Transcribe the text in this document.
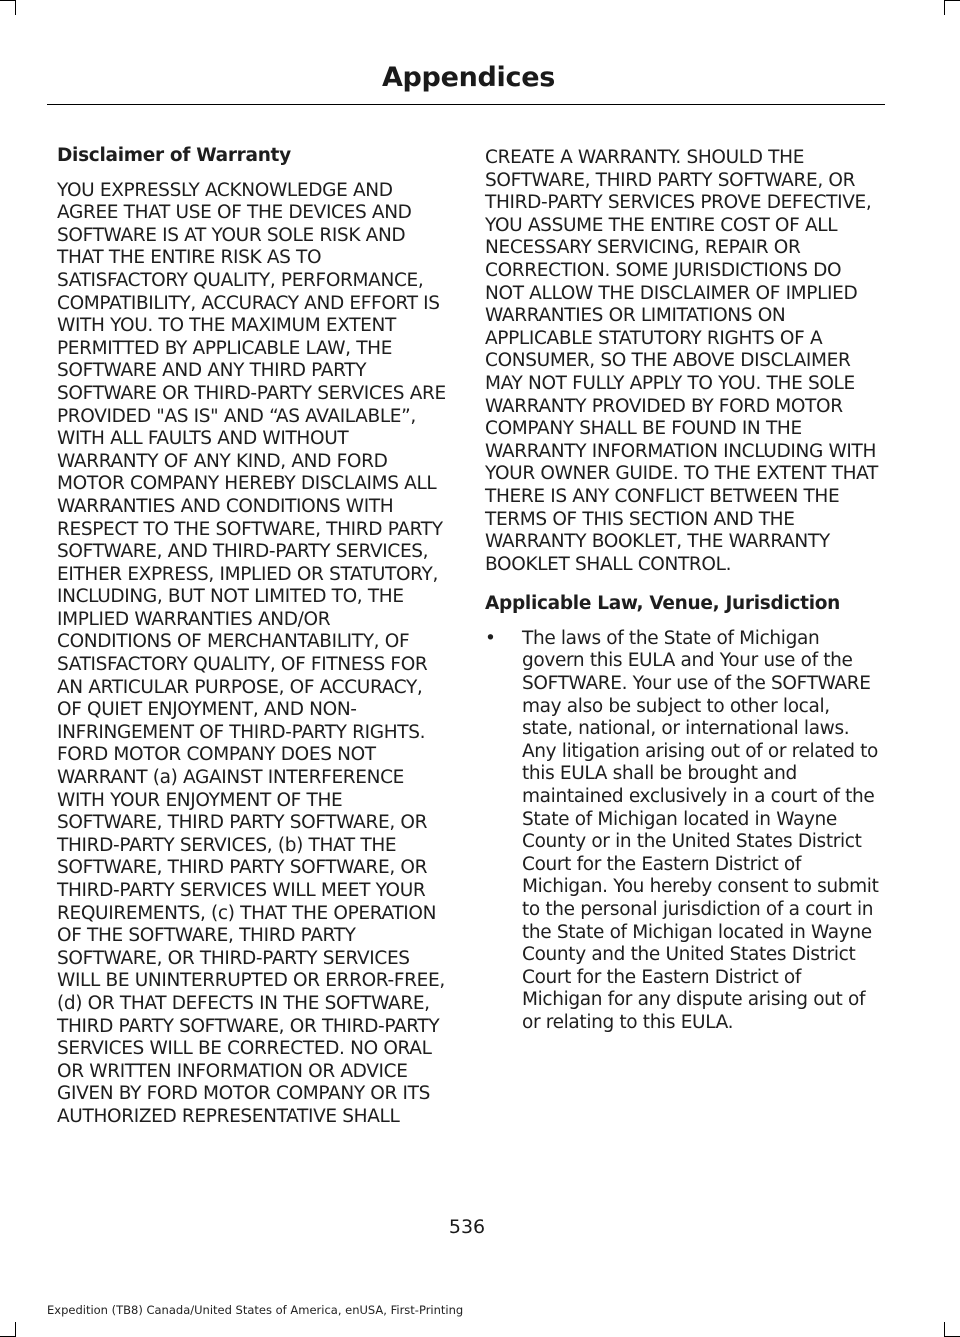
Appendices

Disclaimer of Warranty

YOU EXPRESSLY ACKNOWLEDGE AND AGREE THAT USE OF THE DEVICES AND SOFTWARE IS AT YOUR SOLE RISK AND THAT THE ENTIRE RISK AS TO SATISFACTORY QUALITY, PERFORMANCE, COMPATIBILITY, ACCURACY AND EFFORT IS WITH YOU. TO THE MAXIMUM EXTENT PERMITTED BY APPLICABLE LAW, THE SOFTWARE AND ANY THIRD PARTY SOFTWARE OR THIRD-PARTY SERVICES ARE PROVIDED "AS IS" AND “AS AVAILABLE”, WITH ALL FAULTS AND WITHOUT WARRANTY OF ANY KIND, AND FORD MOTOR COMPANY HEREBY DISCLAIMS ALL WARRANTIES AND CONDITIONS WITH RESPECT TO THE SOFTWARE, THIRD PARTY SOFTWARE, AND THIRD-PARTY SERVICES, EITHER EXPRESS, IMPLIED OR STATUTORY, INCLUDING, BUT NOT LIMITED TO, THE IMPLIED WARRANTIES AND/OR CONDITIONS OF MERCHANTABILITY, OF SATISFACTORY QUALITY, OF FITNESS FOR AN ARTICULAR PURPOSE, OF ACCURACY, OF QUIET ENJOYMENT, AND NON-INFRINGEMENT OF THIRD-PARTY RIGHTS. FORD MOTOR COMPANY DOES NOT WARRANT (a) AGAINST INTERFERENCE WITH YOUR ENJOYMENT OF THE SOFTWARE, THIRD PARTY SOFTWARE, OR THIRD-PARTY SERVICES, (b) THAT THE SOFTWARE, THIRD PARTY SOFTWARE, OR THIRD-PARTY SERVICES WILL MEET YOUR REQUIREMENTS, (c) THAT THE OPERATION OF THE SOFTWARE, THIRD PARTY SOFTWARE, OR THIRD-PARTY SERVICES WILL BE UNINTERRUPTED OR ERROR-FREE, (d) OR THAT DEFECTS IN THE SOFTWARE, THIRD PARTY SOFTWARE, OR THIRD-PARTY SERVICES WILL BE CORRECTED. NO ORAL OR WRITTEN INFORMATION OR ADVICE GIVEN BY FORD MOTOR COMPANY OR ITS AUTHORIZED REPRESENTATIVE SHALL

CREATE A WARRANTY. SHOULD THE SOFTWARE, THIRD PARTY SOFTWARE, OR THIRD-PARTY SERVICES PROVE DEFECTIVE, YOU ASSUME THE ENTIRE COST OF ALL NECESSARY SERVICING, REPAIR OR CORRECTION. SOME JURISDICTIONS DO NOT ALLOW THE DISCLAIMER OF IMPLIED WARRANTIES OR LIMITATIONS ON APPLICABLE STATUTORY RIGHTS OF A CONSUMER, SO THE ABOVE DISCLAIMER MAY NOT FULLY APPLY TO YOU. THE SOLE WARRANTY PROVIDED BY FORD MOTOR COMPANY SHALL BE FOUND IN THE WARRANTY INFORMATION INCLUDING WITH YOUR OWNER GUIDE. TO THE EXTENT THAT THERE IS ANY CONFLICT BETWEEN THE TERMS OF THIS SECTION AND THE WARRANTY BOOKLET, THE WARRANTY BOOKLET SHALL CONTROL.

Applicable Law, Venue, Jurisdiction

• The laws of the State of Michigan govern this EULA and Your use of the SOFTWARE. Your use of the SOFTWARE may also be subject to other local, state, national, or international laws. Any litigation arising out of or related to this EULA shall be brought and maintained exclusively in a court of the State of Michigan located in Wayne County or in the United States District Court for the Eastern District of Michigan. You hereby consent to submit to the personal jurisdiction of a court in the State of Michigan located in Wayne County and the United States District Court for the Eastern District of Michigan for any dispute arising out of or relating to this EULA.
536
Expedition (TB8) Canada/United States of America, enUSA, First-Printing
